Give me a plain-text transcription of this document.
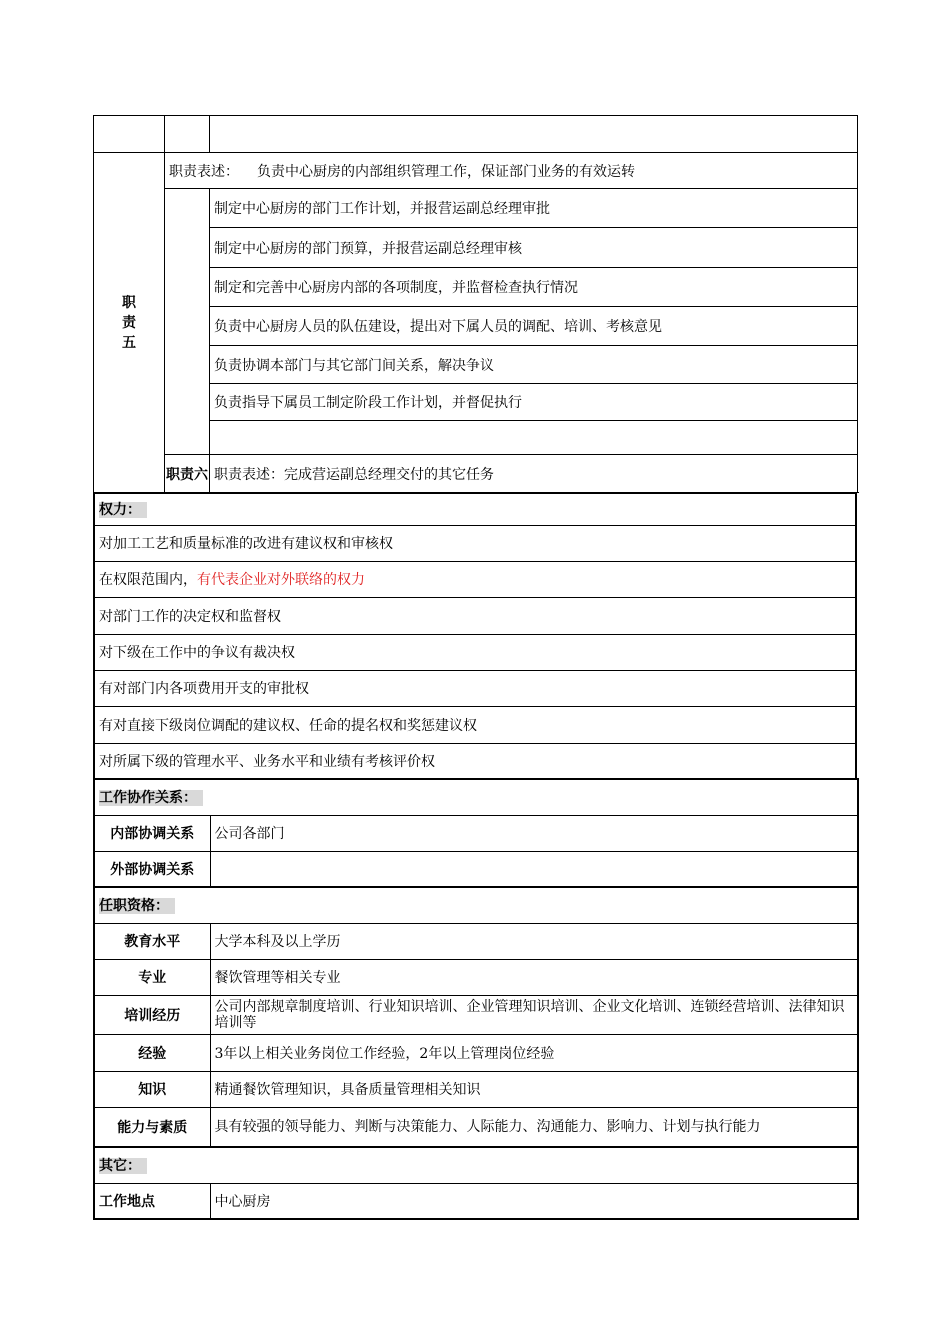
职
责
五	职责表述： 负责中心厨房的内部组织管理工作，保证部门业务的有效运转	
		制定中心厨房的部门工作计划，并报营运副总经理审批
		制定中心厨房的部门预算，并报营运副总经理审核
		制定和完善中心厨房内部的各项制度，并监督检查执行情况
		负责中心厨房人员的队伍建设，提出对下属人员的调配、培训、考核意见
		负责协调本部门与其它部门间关系，解决争议
		负责指导下属员工制定阶段工作计划，并督促执行

	职责六	职责表述：完成营运副总经理交付的其它任务
权力：
对加工工艺和质量标准的改进有建议权和审核权
在权限范围内，有代表企业对外联络的权力
对部门工作的决定权和监督权
对下级在工作中的争议有裁决权
有对部门内各项费用开支的审批权
有对直接下级岗位调配的建议权、任命的提名权和奖惩建议权
对所属下级的管理水平、业务水平和业绩有考核评价权
工作协作关系：	
内部协调关系	公司各部门
外部协调关系	
任职资格：	
教育水平	大学本科及以上学历
专业	餐饮管理等相关专业
培训经历	公司内部规章制度培训、行业知识培训、企业管理知识培训、企业文化培训、连锁经营培训、法律知识培训等
经验	3年以上相关业务岗位工作经验，2年以上管理岗位经验
知识	精通餐饮管理知识，具备质量管理相关知识
能力与素质	具有较强的领导能力、判断与决策能力、人际能力、沟通能力、影响力、计划与执行能力
其它：
工作地点	中心厨房
